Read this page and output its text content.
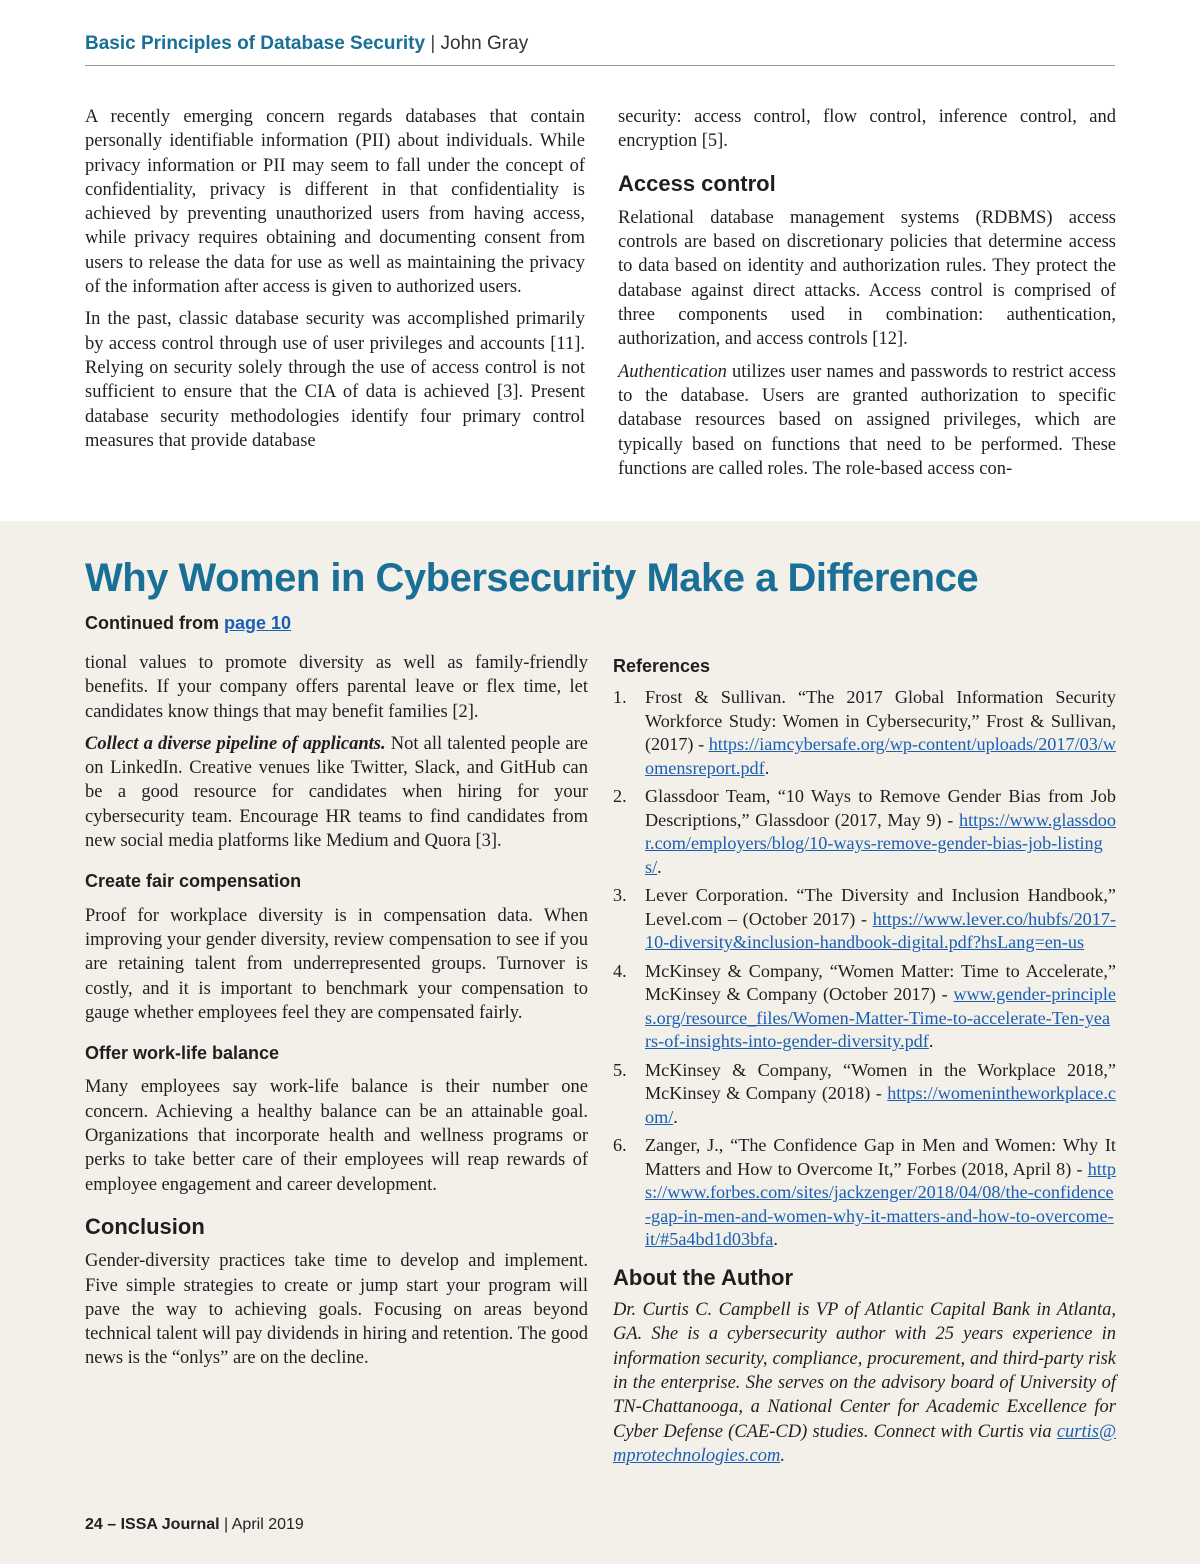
Basic Principles of Database Security | John Gray

A recently emerging concern regards databases that contain personally identifiable information (PII) about individuals. While privacy information or PII may seem to fall under the concept of confidentiality, privacy is different in that confidentiality is achieved by preventing unauthorized users from having access, while privacy requires obtaining and documenting consent from users to release the data for use as well as maintaining the privacy of the information after access is given to authorized users.

In the past, classic database security was accomplished primarily by access control through use of user privileges and accounts [11]. Relying on security solely through the use of access control is not sufficient to ensure that the CIA of data is achieved [3]. Present database security methodologies identify four primary control measures that provide database

security: access control, flow control, inference control, and encryption [5].

Access control

Relational database management systems (RDBMS) access controls are based on discretionary policies that determine access to data based on identity and authorization rules. They protect the database against direct attacks. Access control is comprised of three components used in combination: authentication, authorization, and access controls [12].

Authentication utilizes user names and passwords to restrict access to the database. Users are granted authorization to specific database resources based on assigned privileges, which are typically based on functions that need to be performed. These functions are called roles. The role-based access con-

Why Women in Cybersecurity Make a Difference
Continued from page 10

tional values to promote diversity as well as family-friendly benefits. If your company offers parental leave or flex time, let candidates know things that may benefit families [2].

Collect a diverse pipeline of applicants. Not all talented people are on LinkedIn. Creative venues like Twitter, Slack, and GitHub can be a good resource for candidates when hiring for your cybersecurity team. Encourage HR teams to find candidates from new social media platforms like Medium and Quora [3].

Create fair compensation

Proof for workplace diversity is in compensation data. When improving your gender diversity, review compensation to see if you are retaining talent from underrepresented groups. Turnover is costly, and it is important to benchmark your compensation to gauge whether employees feel they are compensated fairly.

Offer work-life balance

Many employees say work-life balance is their number one concern. Achieving a healthy balance can be an attainable goal. Organizations that incorporate health and wellness programs or perks to take better care of their employees will reap rewards of employee engagement and career development.

Conclusion

Gender-diversity practices take time to develop and implement. Five simple strategies to create or jump start your program will pave the way to achieving goals. Focusing on areas beyond technical talent will pay dividends in hiring and retention. The good news is the “onlys” are on the decline.

References
1. Frost & Sullivan. “The 2017 Global Information Security Workforce Study: Women in Cybersecurity,” Frost & Sullivan, (2017) - https://iamcybersafe.org/wp-content/uploads/2017/03/womensreport.pdf.
2. Glassdoor Team, “10 Ways to Remove Gender Bias from Job Descriptions,” Glassdoor (2017, May 9) - https://www.glassdoor.com/employers/blog/10-ways-remove-gender-bias-job-listings/.
3. Lever Corporation. “The Diversity and Inclusion Handbook,” Level.com – (October 2017) - https://www.lever.co/hubfs/2017-10-diversity&inclusion-handbook-digital.pdf?hsLang=en-us
4. McKinsey & Company, “Women Matter: Time to Accelerate,” McKinsey & Company (October 2017) - www.gender-principles.org/resource_files/Women-Matter-Time-to-accelerate-Ten-years-of-insights-into-gender-diversity.pdf.
5. McKinsey & Company, “Women in the Workplace 2018,” McKinsey & Company (2018) - https://womenintheworkplace.com/.
6. Zanger, J., “The Confidence Gap in Men and Women: Why It Matters and How to Overcome It,” Forbes (2018, April 8) - https://www.forbes.com/sites/jackzenger/2018/04/08/the-confidence-gap-in-men-and-women-why-it-matters-and-how-to-overcome-it/#5a4bd1d03bfa.
About the Author
Dr. Curtis C. Campbell is VP of Atlantic Capital Bank in Atlanta, GA. She is a cybersecurity author with 25 years experience in information security, compliance, procurement, and third-party risk in the enterprise. She serves on the advisory board of University of TN-Chattanooga, a National Center for Academic Excellence for Cyber Defense (CAE-CD) studies. Connect with Curtis via curtis@mprotechnologies.com.
24 – ISSA Journal | April 2019
